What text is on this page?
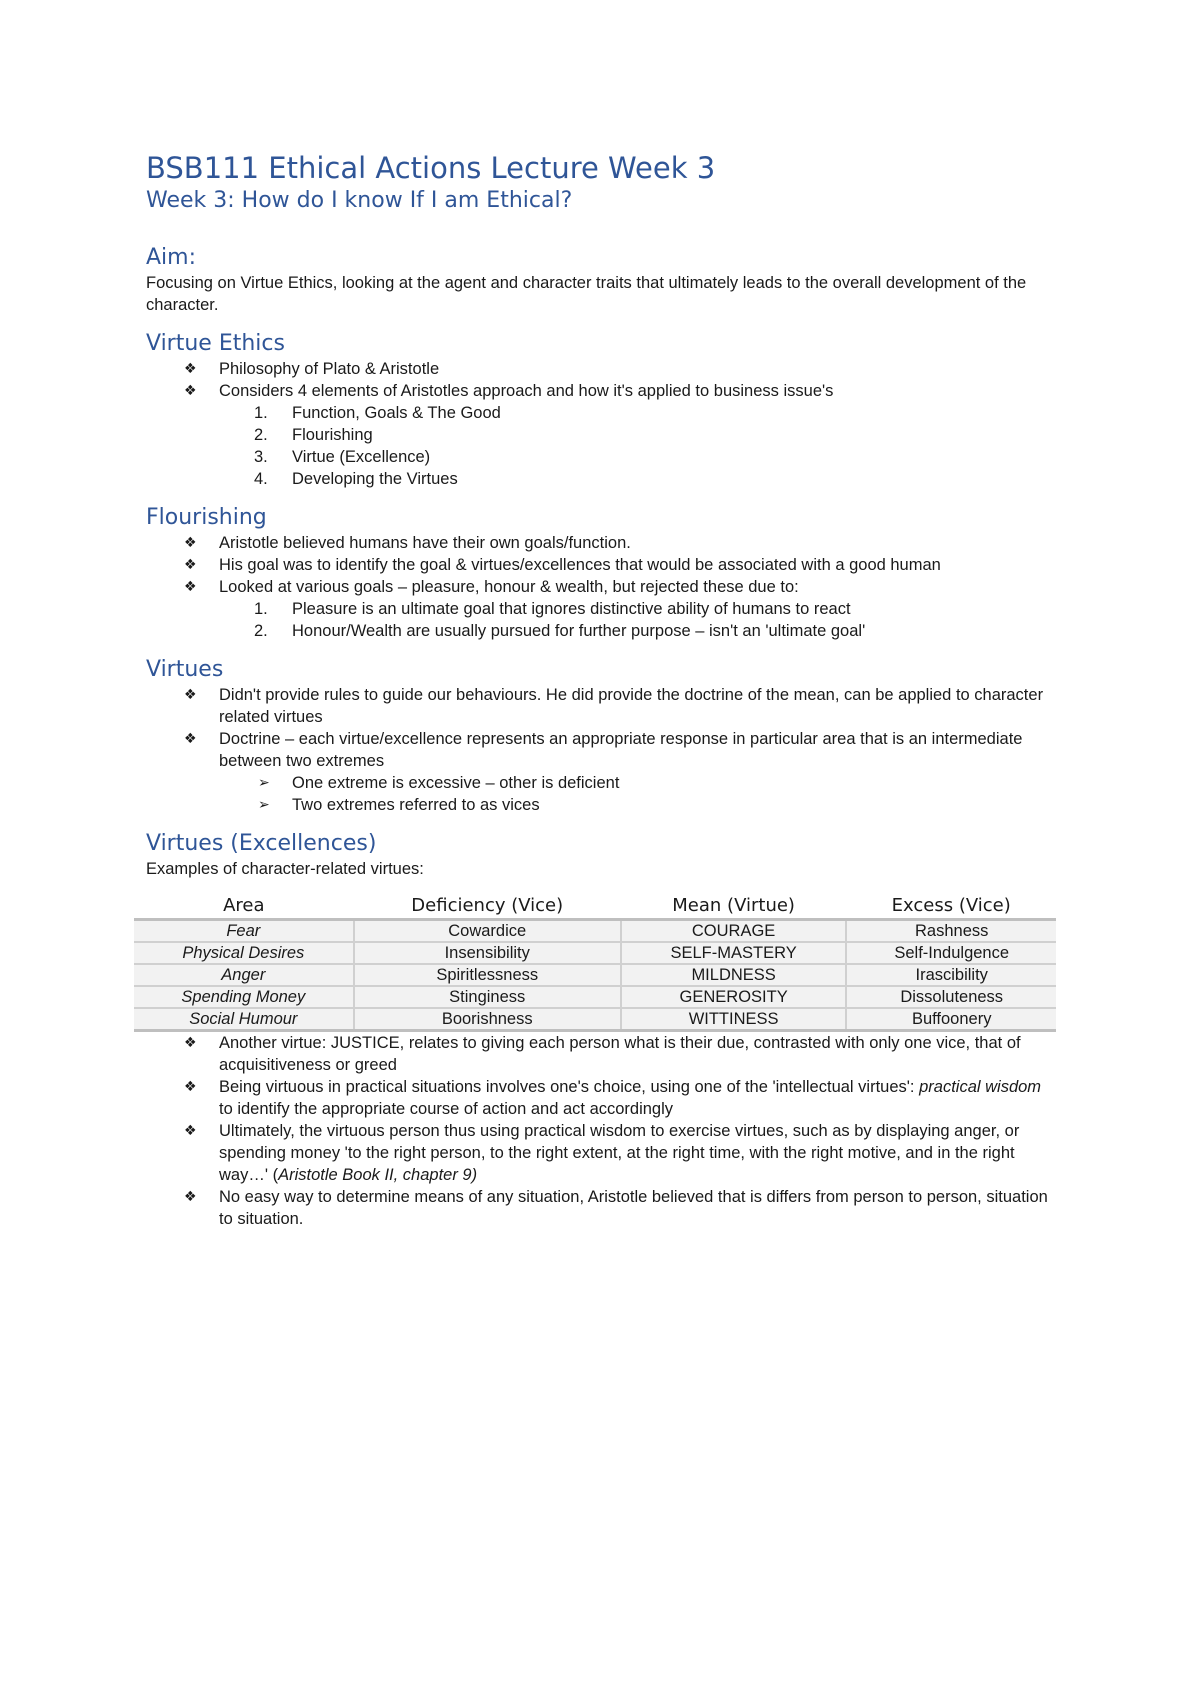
BSB111 Ethical Actions Lecture Week 3
Week 3: How do I know If I am Ethical?
Aim:

Focusing on Virtue Ethics, looking at the agent and character traits that ultimately leads to the overall development of the character.

Virtue Ethics
❖ Philosophy of Plato & Aristotle
❖ Considers 4 elements of Aristotles approach and how it's applied to business issue's
1. Function, Goals & The Good
2. Flourishing
3. Virtue (Excellence)
4. Developing the Virtues
Flourishing
❖ Aristotle believed humans have their own goals/function.
❖ His goal was to identify the goal & virtues/excellences that would be associated with a good human
❖ Looked at various goals – pleasure, honour & wealth, but rejected these due to:
1. Pleasure is an ultimate goal that ignores distinctive ability of humans to react
2. Honour/Wealth are usually pursued for further purpose – isn't an 'ultimate goal'
Virtues
❖ Didn't provide rules to guide our behaviours. He did provide the doctrine of the mean, can be applied to character related virtues
❖ Doctrine – each virtue/excellence represents an appropriate response in particular area that is an intermediate between two extremes
➢ One extreme is excessive – other is deficient
➢ Two extremes referred to as vices
Virtues (Excellences)

Examples of character-related virtues:

Area	Deficiency (Vice)	Mean (Virtue)	Excess (Vice)
Fear	Cowardice	COURAGE	Rashness
Physical Desires	Insensibility	SELF-MASTERY	Self-Indulgence
Anger	Spiritlessness	MILDNESS	Irascibility
Spending Money	Stinginess	GENEROSITY	Dissoluteness
Social Humour	Boorishness	WITTINESS	Buffoonery
❖ Another virtue: JUSTICE, relates to giving each person what is their due, contrasted with only one vice, that of acquisitiveness or greed
❖ Being virtuous in practical situations involves one's choice, using one of the 'intellectual virtues': practical wisdom to identify the appropriate course of action and act accordingly
❖ Ultimately, the virtuous person thus using practical wisdom to exercise virtues, such as by displaying anger, or spending money 'to the right person, to the right extent, at the right time, with the right motive, and in the right way…' (Aristotle Book II, chapter 9)
❖ No easy way to determine means of any situation, Aristotle believed that is differs from person to person, situation to situation.
